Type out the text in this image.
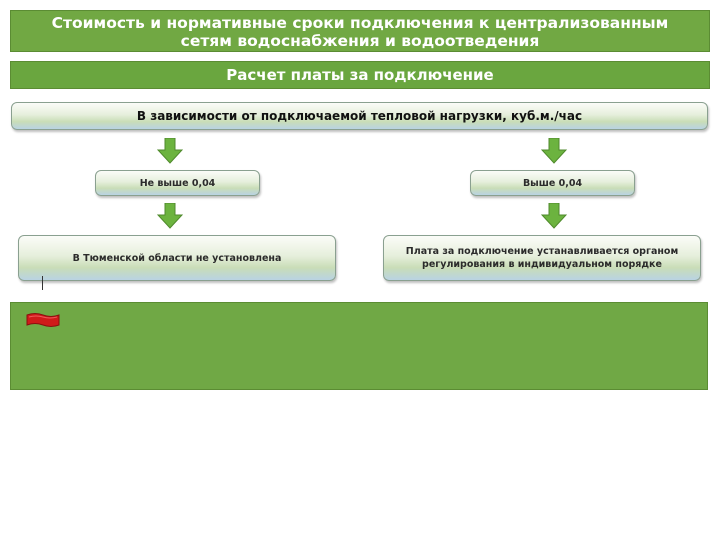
Стоимость и нормативные сроки подключения к централизованным
сетям водоснабжения и водоотведения
Расчет платы за подключение
В зависимости от подключаемой тепловой нагрузки, куб.м./час
Не выше 0,04	Выше 0,04
В Тюменской области не установлена
Плата за подключение устанавливается органом регулирования в индивидуальном порядке
